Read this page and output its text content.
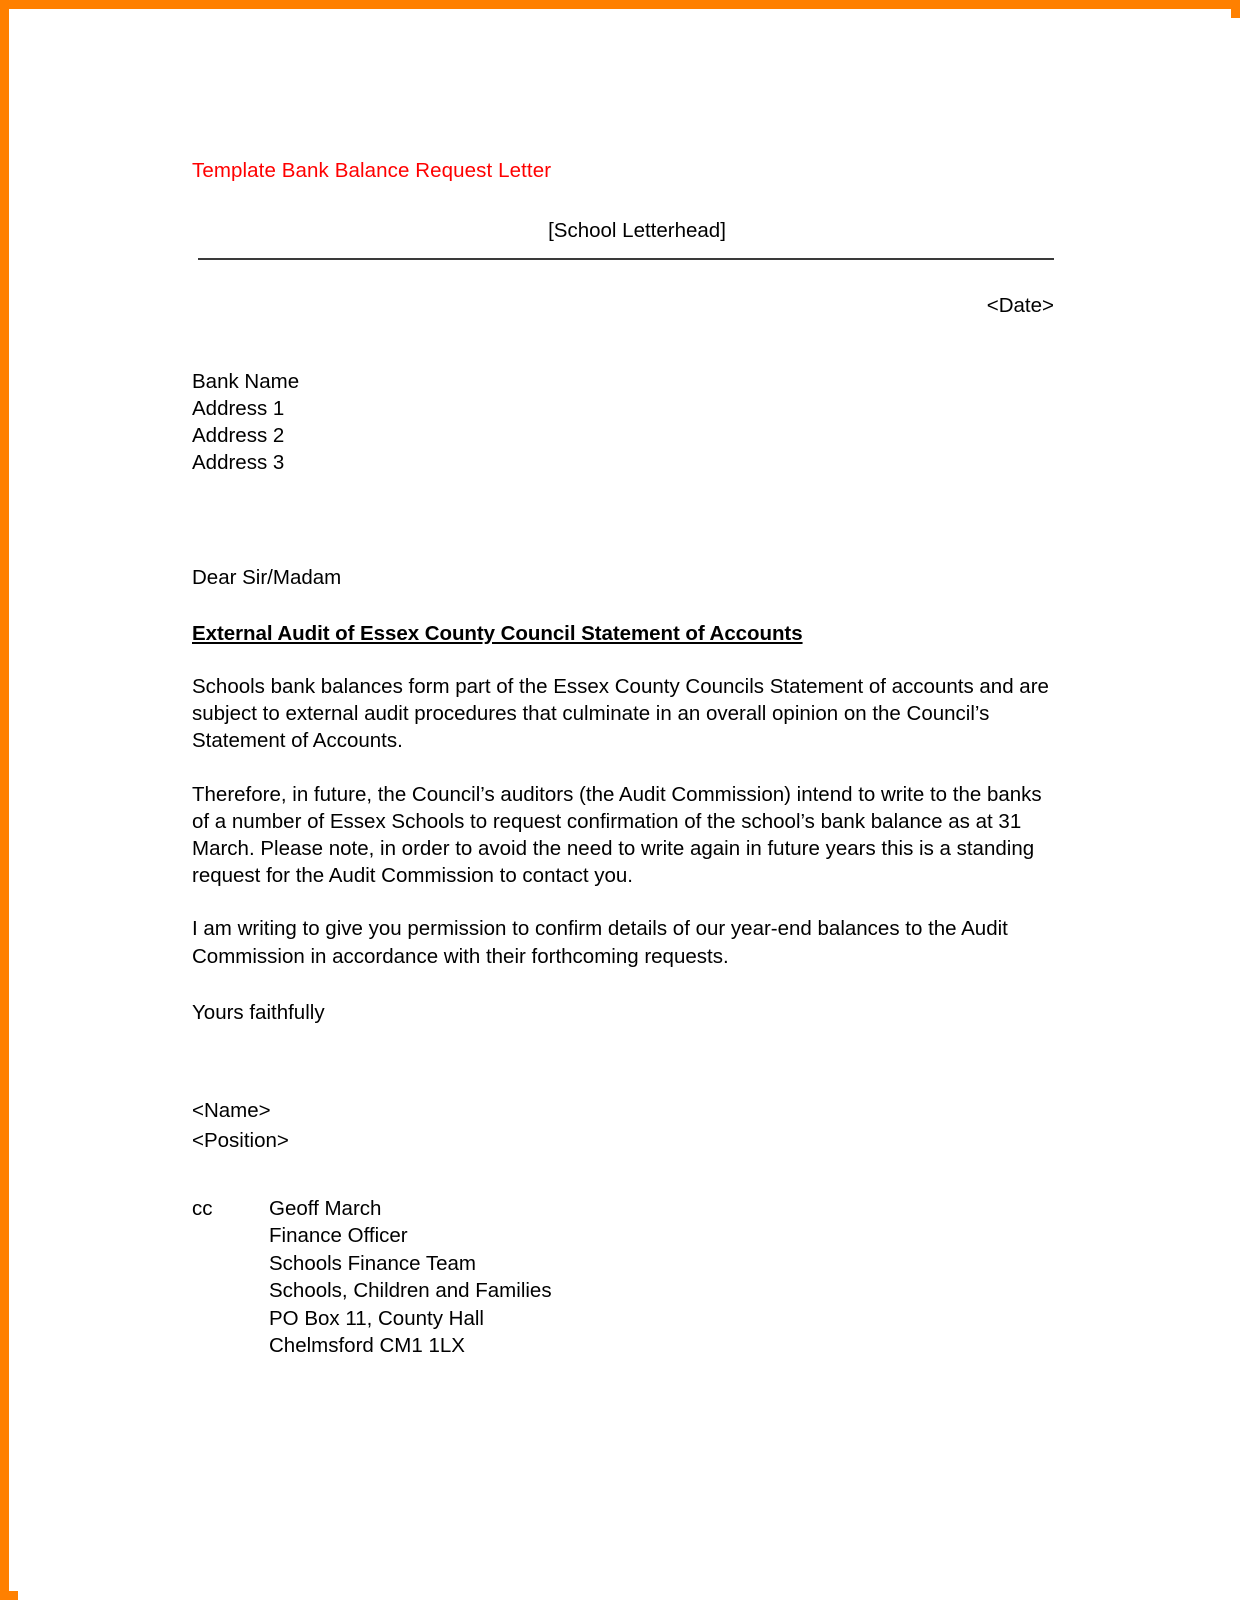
Template Bank Balance Request Letter
[School Letterhead]
<Date>
Bank Name
Address 1
Address 2
Address 3
Dear Sir/Madam
External Audit of Essex County Council Statement of Accounts

Schools bank balances form part of the Essex County Councils Statement of accounts and are subject to external audit procedures that culminate in an overall opinion on the Council’s Statement of Accounts.

Therefore, in future, the Council’s auditors (the Audit Commission) intend to write to the banks of a number of Essex Schools to request confirmation of the school’s bank balance as at 31 March. Please note, in order to avoid the need to write again in future years this is a standing request for the Audit Commission to contact you.

I am writing to give you permission to confirm details of our year-end balances to the Audit Commission in accordance with their forthcoming requests.

Yours faithfully
<Name>
<Position>
cc	Geoff March
Finance Officer
Schools Finance Team
Schools, Children and Families
PO Box 11, County Hall
Chelmsford CM1 1LX
